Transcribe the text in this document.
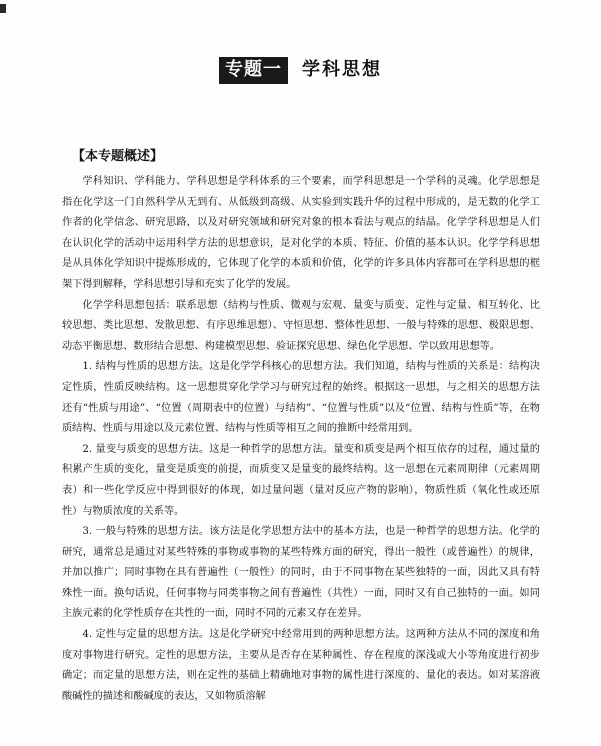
专题一	学科思想
【本专题概述】

学科知识、学科能力、学科思想是学科体系的三个要素，而学科思想是一个学科的灵魂。化学思想是指在化学这一门自然科学从无到有、从低级到高级、从实验到实践升华的过程中形成的，是无数的化学工作者的化学信念、研究思路，以及对研究领域和研究对象的根本看法与观点的结晶。化学学科思想是人们在认识化学的活动中运用科学方法的思想意识，是对化学的本质、特征、价值的基本认识。化学学科思想是从具体化学知识中提炼形成的，它体现了化学的本质和价值，化学的许多具体内容都可在学科思想的框架下得到解释，学科思想引导和充实了化学的发展。

化学学科思想包括：联系思想（结构与性质、微观与宏观、量变与质变、定性与定量、相互转化、比较思想、类比思想、发散思想、有序思维思想）、守恒思想、整体性思想、一般与特殊的思想、极限思想、动态平衡思想、数形结合思想、构建模型思想、验证探究思想、绿色化学思想、学以致用思想等。

1. 结构与性质的思想方法。这是化学学科核心的思想方法。我们知道，结构与性质的关系是：结构决定性质，性质反映结构。这一思想贯穿化学学习与研究过程的始终。根据这一思想，与之相关的思想方法还有“性质与用途”、“位置（周期表中的位置）与结构”、“位置与性质”以及“位置、结构与性质”等，在物质结构、性质与用途以及元素位置、结构与性质等相互之间的推断中经常用到。

2. 量变与质变的思想方法。这是一种哲学的思想方法。量变和质变是两个相互依存的过程，通过量的积累产生质的变化，量变是质变的前提，而质变又是量变的最终结构。这一思想在元素周期律（元素周期表）和一些化学反应中得到很好的体现，如过量问题（量对反应产物的影响），物质性质（氧化性或还原性）与物质浓度的关系等。

3. 一般与特殊的思想方法。该方法是化学思想方法中的基本方法，也是一种哲学的思想方法。化学的研究，通常总是通过对某些特殊的事物或事物的某些特殊方面的研究，得出一般性（或普遍性）的规律，并加以推广；同时事物在具有普遍性（一般性）的同时，由于不同事物在某些独特的一面，因此又具有特殊性一面。换句话说，任何事物与同类事物之间有普遍性（共性）一面，同时又有自己独特的一面。如同主族元素的化学性质存在共性的一面，同时不同的元素又存在差异。

4. 定性与定量的思想方法。这是化学研究中经常用到的两种思想方法。这两种方法从不同的深度和角度对事物进行研究。定性的思想方法，主要从是否存在某种属性、存在程度的深浅或大小等角度进行初步确定；而定量的思想方法，则在定性的基础上精确地对事物的属性进行深度的、量化的表达。如对某溶液酸碱性的描述和酸碱度的表达，又如物质溶解
